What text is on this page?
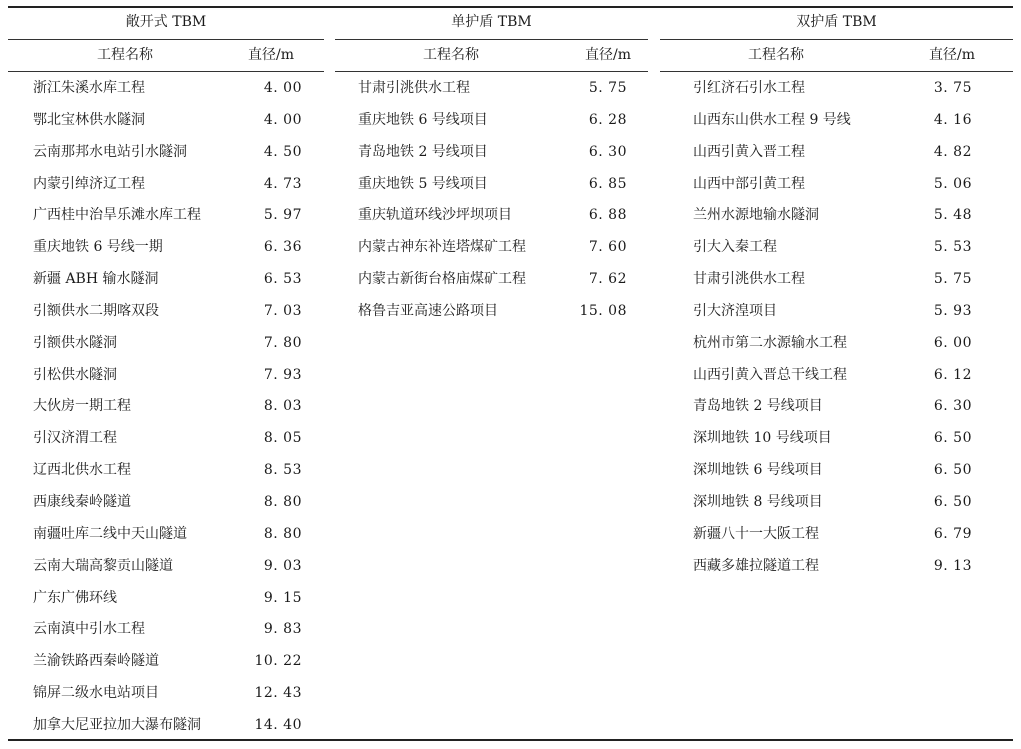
敞开式 TBM
工程名称	直径/m
浙江朱溪水库工程	4. 00
鄂北宝林供水隧洞	4. 00
云南那邦水电站引水隧洞	4. 50
内蒙引绰济辽工程	4. 73
广西桂中治旱乐滩水库工程	5. 97
重庆地铁 6 号线一期	6. 36
新疆 ABH 输水隧洞	6. 53
引额供水二期喀双段	7. 03
引额供水隧洞	7. 80
引松供水隧洞	7. 93
大伙房一期工程	8. 03
引汉济渭工程	8. 05
辽西北供水工程	8. 53
西康线秦岭隧道	8. 80
南疆吐库二线中天山隧道	8. 80
云南大瑞高黎贡山隧道	9. 03
广东广佛环线	9. 15
云南滇中引水工程	9. 83
兰渝铁路西秦岭隧道	10. 22
锦屏二级水电站项目	12. 43
加拿大尼亚拉加大瀑布隧洞	14. 40
单护盾 TBM
工程名称	直径/m
甘肃引洮供水工程	5. 75
重庆地铁 6 号线项目	6. 28
青岛地铁 2 号线项目	6. 30
重庆地铁 5 号线项目	6. 85
重庆轨道环线沙坪坝项目	6. 88
内蒙古神东补连塔煤矿工程	7. 60
内蒙古新街台格庙煤矿工程	7. 62
格鲁吉亚高速公路项目	15. 08
双护盾 TBM
工程名称	直径/m
引红济石引水工程	3. 75
山西东山供水工程 9 号线	4. 16
山西引黄入晋工程	4. 82
山西中部引黄工程	5. 06
兰州水源地输水隧洞	5. 48
引大入秦工程	5. 53
甘肃引洮供水工程	5. 75
引大济湟项目	5. 93
杭州市第二水源输水工程	6. 00
山西引黄入晋总干线工程	6. 12
青岛地铁 2 号线项目	6. 30
深圳地铁 10 号线项目	6. 50
深圳地铁 6 号线项目	6. 50
深圳地铁 8 号线项目	6. 50
新疆八十一大阪工程	6. 79
西藏多雄拉隧道工程	9. 13
